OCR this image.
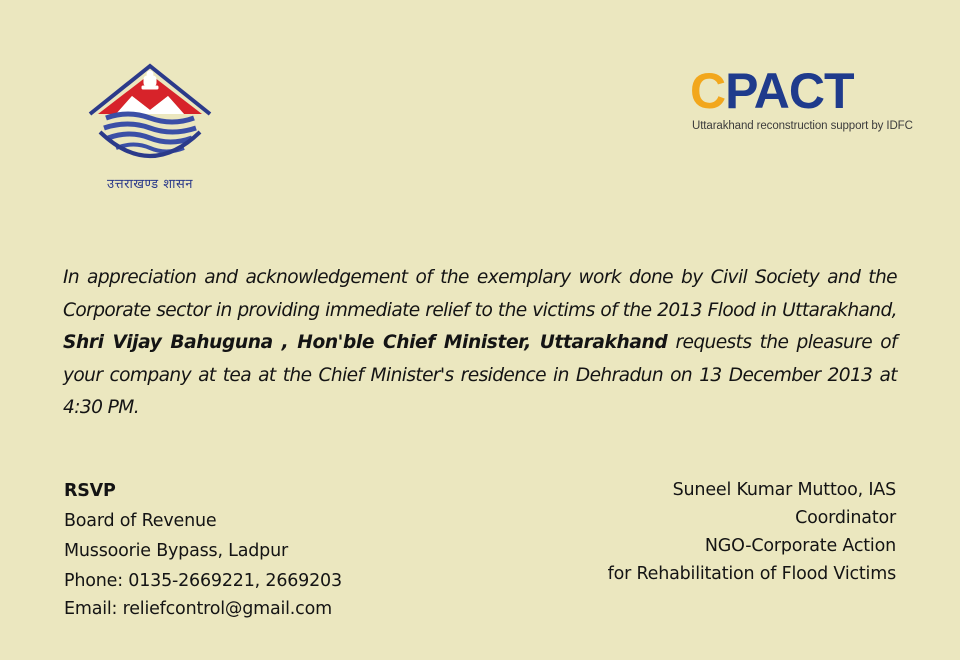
उत्तराखण्ड शासन
CPACT
Uttarakhand reconstruction support by IDFC
In appreciation and acknowledgement of the exemplary work done by Civil Society and the Corporate sector in providing immediate relief to the victims of the 2013 Flood in Uttarakhand, Shri Vijay Bahuguna , Hon'ble Chief Minister, Uttarakhand requests the pleasure of your company at tea at the Chief Minister's residence in Dehradun on 13 December 2013 at 4:30 PM.
RSVP
Board of Revenue
Mussoorie Bypass, Ladpur
Phone: 0135-2669221, 2669203
Email: reliefcontrol@gmail.com
Suneel Kumar Muttoo, IAS
Coordinator
NGO-Corporate Action
for Rehabilitation of Flood Victims
